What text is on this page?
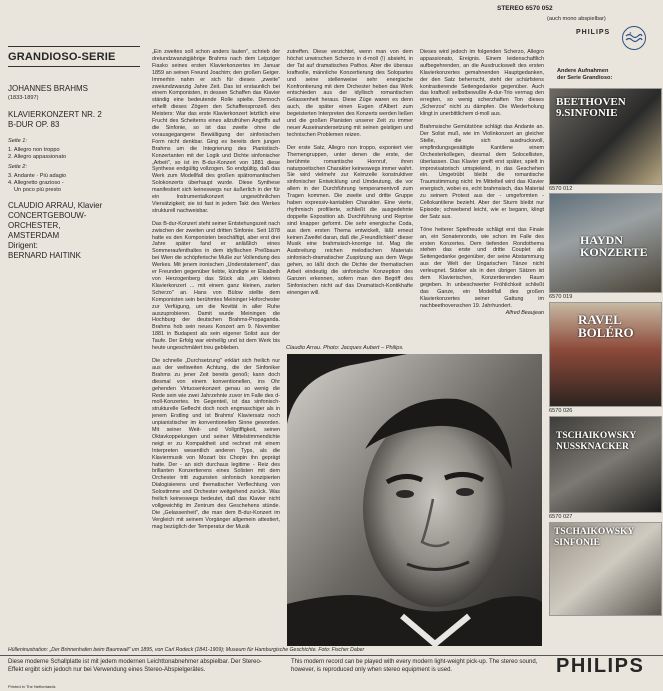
STEREO 6570 052
(auch mono abspielbar)
PHILIPS	★
GRANDIOSO-SERIE
JOHANNES BRAHMS
(1833-1897)
KLAVIERKONZERT NR. 2
B-DUR OP. 83
Seite 1:
1. Allegro non troppo
2. Allegro appassionato
Seite 2:
3. Andante · Più adagio
4. Allegretto grazioso -
Un poco più presto
CLAUDIO ARRAU, Klavier
CONCERTGEBOUW-
ORCHESTER,
AMSTERDAM
Dirigent:
BERNARD HAITINK

„Ein zweites soll schon anders lauten", schrieb der dreiundzwanzigjährige Brahms nach dem Leipziger Fiasko seines ersten Klavierkonzertes im Januar 1859 an seinen Freund Joachim; den großen Geiger. Immerhin nahm er sich für dieses „zweite" zweiundzwanzig Jahre Zeit. Das ist erstaunlich bei einem Komponisten, in dessen Schaffen das Klavier ständig eine bedeutende Rolle spielte. Dennoch erhellt dieses Zögern den Schaffensprozeß des Meisters: War das erste Klavierkonzert letztlich eine Frucht des Scheiterns eines allzufrühen Angriffs auf die Sinfonie, so ist das zweite ohne die vorausgegangene Bewältigung der sinfonischen Form nicht denkbar. Ging es bereits dem jungen Brahms um die Integrierung des Pianistisch-Konzertanten mit der Logik und Dichte sinfonischer „Arbeit", so ist im B-dur-Konzert von 1881 diese Synthese endgültig vollzogen. So endgültig, daß das Werk zum Modellfall des großen spätromantischen Solokonzerts überhaupt wurde. Diese Synthese manifestiert sich keineswegs nur äußerlich in der für ein Instrumentalkonzert ungewöhnlichen Viersätzigkeit; sie ist fast in jedem Takt des Werkes strukturell nachweisbar.

Das B-dur-Konzert steht seiner Entstehungszeit nach zwischen der zweiten und dritten Sinfonie. Seit 1878 hatte es den Komponisten beschäftigt, aber erst drei Jahre später fand er anläßlich eines Sommeraufenthaltes in dem idyllischen Preßbaum bei Wien die schöpferische Muße zur Vollendung des Werkes. Mit jenem ironischen „Understatement", das er Freunden gegenüber liebte, kündigte er Elisabeth von Herzogenberg das Stück als „ein kleines Klavierkonzert ... mit einem ganz kleinen, zarten Scherzo" an. Hans von Bülow stellte dem Komponisten sein berühmtes Meininger Hoforchester zur Verfügung, um die Novität in aller Ruhe auszuprobieren. Damit wurde Meiningen die Hochburg der deutschen Brahms-Propaganda. Brahms hob sein neues Konzert am 9. November 1881 in Budapest als sein eigener Solist aus der Taufe. Der Erfolg war einhellig und ist dem Werk bis heute ungeschmälert treu geblieben.

Die schnelle „Durchsetzung" erklärt sich freilich nur aus der weltweiten Achtung, die der Sinfoniker Brahms zu jener Zeit bereits genoß; kann doch diesmal von einem konventionellen, ins Ohr gehenden Virtuosenkonzert genau so wenig die Rede sein wie zwei Jahrzehnte zuvor im Falle des d-moll-Konzertes. Im Gegenteil, ist das sinfonisch-strukturelle Geflecht doch noch engmaschiger als in jenem Erstling und ist Brahms' Klaviersatz noch unpianistischer im konventionellen Sinne geworden. Mit seiner Weit- und Vollgriffigkeit, seinen Oktavkoppelungen und seiner Mittelstimmendichte neigt er zu Kompaktheit und rechnet mit einem Interpreten wesentlich anderen Typs, als die Klaviermusik von Mozart bis Chopin ihn geprägt hatte. Der - an sich durchaus legitime - Reiz des brillanten Konzertierens eines Solisten mit dem Orchester tritt zugunsten sinfonisch konzipierten Dialogisierens und thematischer Verflechtung von Solostimme und Orchester weitgehend zurück. Was freilich keineswegs bedeutet, daß das Klavier nicht vollgewichtig im Zentrum des Geschehens stünde. Die „Gelassenheit", die man dem B-dur-Konzert im Vergleich mit seinem Vorgänger allgemein attestiert, mag bezüglich der Temperatur der Musik

zutreffen. Diese verzichtet, wenn man von dem höchst unwirschen Scherzo in d-moll (!) absieht, in der Tat auf dramatisches Pathos. Aber die überaus kraftvolle, männliche Konzertierung des Solopartes und seine stellenweise sehr energische Konfrontierung mit dem Orchester heben das Werk entschieden aus der idyllisch romantischen Gelassenheit heraus. Diese Züge waren es denn auch, die später einen Eugen d'Albert zum begeisterten Interpreten des Konzerts werden ließen und die großen Pianisten unserer Zeit zu immer neuer Auseinandersetzung mit seinen geistigen und technischen Problemen reizen.

Der erste Satz, Allegro non troppo, exponiert vier Themengruppen, unter denen die erste, der berühmte romantische Hornruf, ihren naturpoetischen Charakter keineswegs immer wahrt. Sie wird vielmehr zur Keimzelle konstruktiver sinfonischer Entwicklung und Umdeutung, die vor allem in der Durchführung temperamentvoll zum Tragen kommen. Die zweite und dritte Gruppe haben expressiv-kantablen Charakter. Eine vierte, rhythmisch profilierte, schließt die ausgedehnte doppelte Exposition ab. Durchführung und Reprise sind knapper geformt. Die sehr energische Coda, aus dem ersten Thema entwickelt, läßt erneut keinen Zweifel daran, daß die „Freundlichkeit" dieser Musik eine brahmsisch-knorrige ist. Mag die Ausbreitung reichen melodischen Materials sinfonisch-dramatischer Zuspitzung aus dem Wege gehen, so läßt doch die Dichte der thematischen Arbeit eindeutig die sinfonische Konzeption des Ganzen erkennen, sofern man den Begriff des Sinfonischen nicht auf das Dramatisch-Kontikhafte einengen will.

Dieses wird jedoch im folgenden Scherzo, Allegro appassionato, Ereignis. Einem leidenschaftlich aufbegehrenden, an die Ausdruckswelt des ersten Klavierkonzertes gemahnenden Hauptgedanken, der den Satz beherrscht, steht der schärfstens kontrastierende Seitengedanke gegenüber. Auch das kraftvoll selbstbewußte A-dur-Trio vermag den erregten, so wenig scherzhaften Ton dieses „Scherzos" nicht zu dämpfen. Die Wiederholung klingt in unerbittlichem d-moll aus.

Brahmsische Gemütstöne schlägt das Andante an. Der Solist muß, wie im Violinkonzert an gleicher Stelle, die sich ausdrucksvoll, empfindungsgesättigte Kantilene einem Orchesterkollegen, diesmal dem Solocellisten, überlassen. Das Klavier greift erst später, spielt in improvisatorisch umspielend, in das Geschehen ein. Umgetrübt bleibt die romantische Traumstimmung nicht: Im Mittelteil wird das Klavier energisch, wobei es, echt brahmsisch, das Material zu seinem Protest aus der - umgeformten - Cellokantilene bezieht. Aber der Sturm bleibt nur Episode; schwebend leicht, wie er begann, klingt der Satz aus.

Töne heiterer Spielfreude schlägt erst das Finale an, ein Sonatenrondo, wie schon im Falle des ersten Konzertes. Dem tiefenden Rondothema stehen das erste und dritte Couplet als Seitengedanke gegenüber, der seine Abstammung aus der Welt der Ungarischen Tänze nicht verleugnet. Stärker als in den übrigen Sätzen ist dem Klavierischen, Konzertierenden Raum gegeben. In unbeschwerter Fröhlichkeit schließt das Ganze, ein Modellfall des großen Klavierkonzertes seiner Gattung im nachbeethovenschen 19. Jahrhundert.

Alfred Beaujean
Claudio Arrau. Photo: Jacques Aubert – Philips.
Andere Aufnahmen
der Serie Grandioso:
BEETHOVEN 9.SINFONIE
6570 012
HAYDN KONZERTE
6570 019
RAVEL BOLÉRO
6570 026
TSCHAIKOWSKY NUSSKNACKER
6570 027
TSCHAIKOWSKY SINFONIE
Hülleninustration: „Der Brinnenhafen beim Baumwall" um 1895, von Carl Rodeck (1841-1909); Museum für Hamburgische Geschichte. Foto: Fischer Daber
Diese moderne Schallplatte ist mit jedem modernen Leichttonabnehmer abspielbar. Der Stereo-Effekt ergibt sich jedoch nur bei Verwendung eines Stereo-Abspielgerätes.
This modern record can be played with every modern light-weight pick-up. The stereo sound, however, is reproduced only when stereo equipment is used.	PHILIPS
Printed in The Netherlands
